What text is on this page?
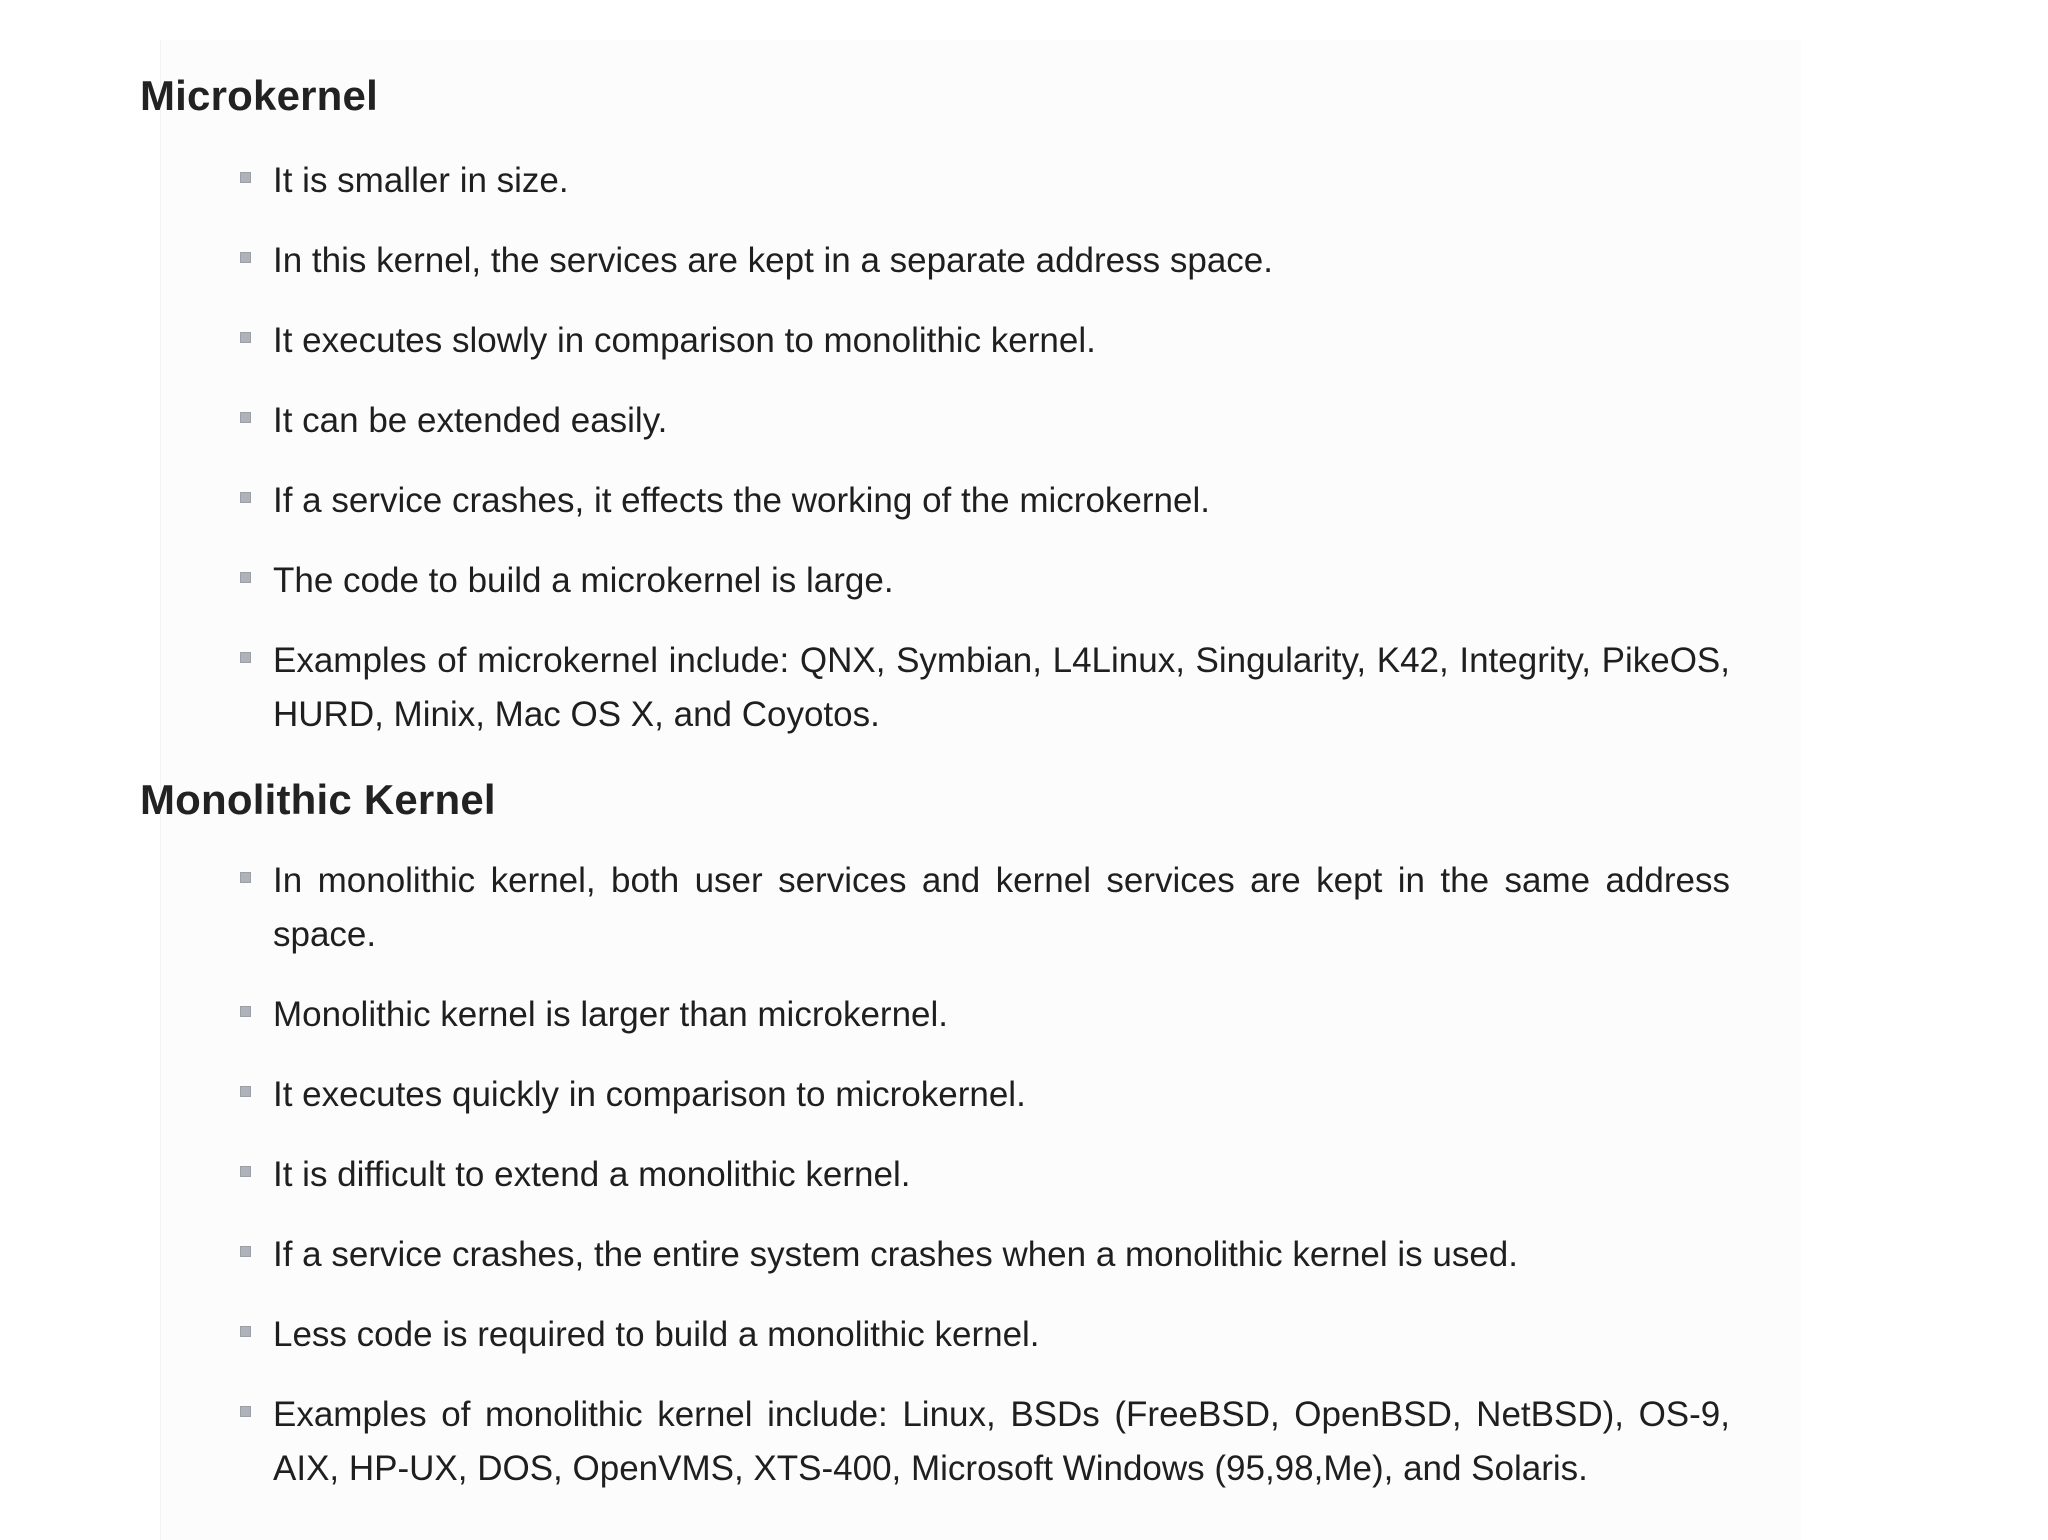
Microkernel
It is smaller in size.
In this kernel, the services are kept in a separate address space.
It executes slowly in comparison to monolithic kernel.
It can be extended easily.
If a service crashes, it effects the working of the microkernel.
The code to build a microkernel is large.
Examples of microkernel include: QNX, Symbian, L4Linux, Singularity, K42, Integrity, PikeOS, HURD, Minix, Mac OS X, and Coyotos.
Monolithic Kernel
In monolithic kernel, both user services and kernel services are kept in the same address space.
Monolithic kernel is larger than microkernel.
It executes quickly in comparison to microkernel.
It is difficult to extend a monolithic kernel.
If a service crashes, the entire system crashes when a monolithic kernel is used.
Less code is required to build a monolithic kernel.
Examples of monolithic kernel include: Linux, BSDs (FreeBSD, OpenBSD, NetBSD), OS-9, AIX, HP-UX, DOS, OpenVMS, XTS-400, Microsoft Windows (95,98,Me), and Solaris.
